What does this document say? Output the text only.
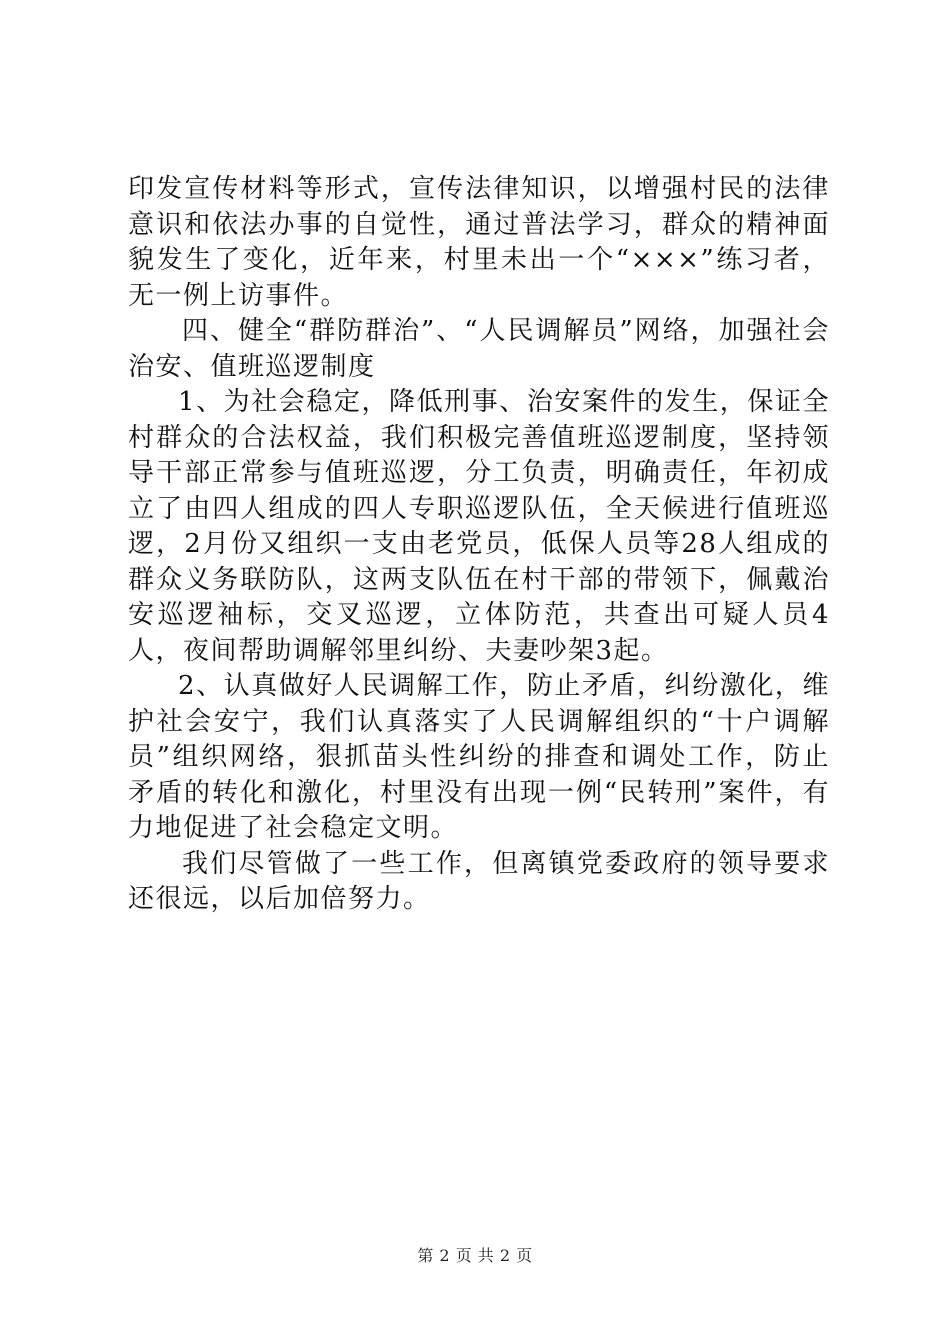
印发宣传材料等形式，宣传法律知识，以增强村民的法律意识和依法办事的自觉性，通过普法学习，群众的精神面貌发生了变化，近年来，村里未出一个“×××”练习者，无一例上访事件。

四、健全“群防群治”、“人民调解员”网络，加强社会治安、值班巡逻制度

1、为社会稳定，降低刑事、治安案件的发生，保证全村群众的合法权益，我们积极完善值班巡逻制度，坚持领导干部正常参与值班巡逻，分工负责，明确责任，年初成立了由四人组成的四人专职巡逻队伍，全天候进行值班巡逻，2月份又组织一支由老党员，低保人员等28人组成的群众义务联防队，这两支队伍在村干部的带领下，佩戴治安巡逻袖标，交叉巡逻，立体防范，共查出可疑人员4人，夜间帮助调解邻里纠纷、夫妻吵架3起。

2、认真做好人民调解工作，防止矛盾，纠纷激化，维护社会安宁，我们认真落实了人民调解组织的“十户调解员”组织网络，狠抓苗头性纠纷的排查和调处工作，防止矛盾的转化和激化，村里没有出现一例“民转刑”案件，有力地促进了社会稳定文明。

我们尽管做了一些工作，但离镇党委政府的领导要求还很远，以后加倍努力。

第 2 页 共 2 页
